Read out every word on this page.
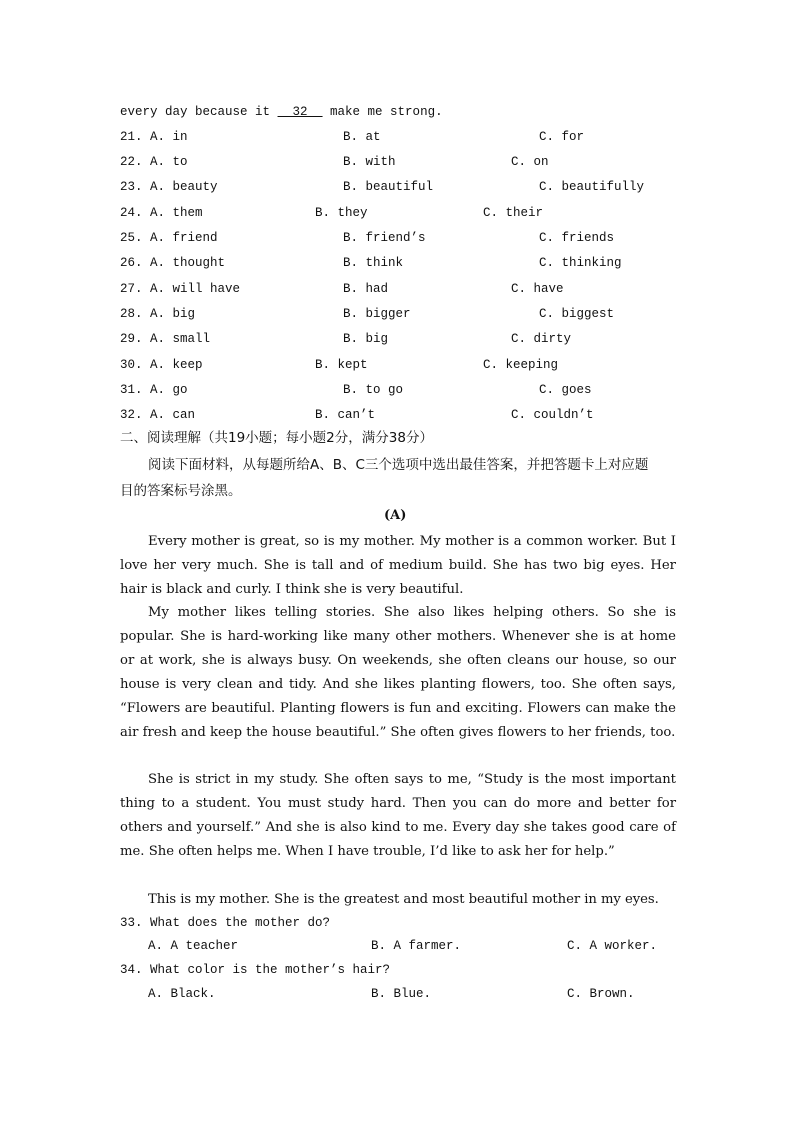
every day because it   32   make me strong.
21. A. in	B. at	C. for
22. A. to	B. with	C. on
23. A. beauty	B. beautiful	C. beautifully
24. A. them	B. they	C. their
25. A. friend	B. friend’s	C. friends
26. A. thought	B. think	C. thinking
27. A. will have	B. had	C. have
28. A. big	B. bigger	C. biggest
29. A. small	B. big	C. dirty
30. A. keep	B. kept	C. keeping
31. A. go	B. to go	C. goes
32. A. can	B. can’t	C. couldn’t
二、阅读理解（共19小题；每小题2分，满分38分）
阅读下面材料，从每题所给A、B、C三个选项中选出最佳答案，并把答题卡上对应题
目的答案标号涂黑。
(A)
Every mother is great, so is my mother. My mother is a common worker. But I love her very much. She is tall and of medium build. She has two big eyes. Her hair is black and curly. I think she is very beautiful.
My mother likes telling stories. She also likes helping others. So she is popular. She is hard-working like many other mothers. Whenever she is at home or at work, she is always busy. On weekends, she often cleans our house, so our house is very clean and tidy. And she likes planting flowers, too. She often says, “Flowers are beautiful. Planting flowers is fun and exciting. Flowers can make the air fresh and keep the house beautiful.” She often gives flowers to her friends, too.
She is strict in my study. She often says to me, “Study is the most important thing to a student. You must study hard. Then you can do more and better for others and yourself.” And she is also kind to me. Every day she takes good care of me. She often helps me. When I have trouble, I’d like to ask her for help.”
This is my mother. She is the greatest and most beautiful mother in my eyes.
33. What does the mother do?
A. A teacher	B. A farmer.	C. A worker.
34. What color is the mother’s hair?
A. Black.	B. Blue.	C. Brown.
